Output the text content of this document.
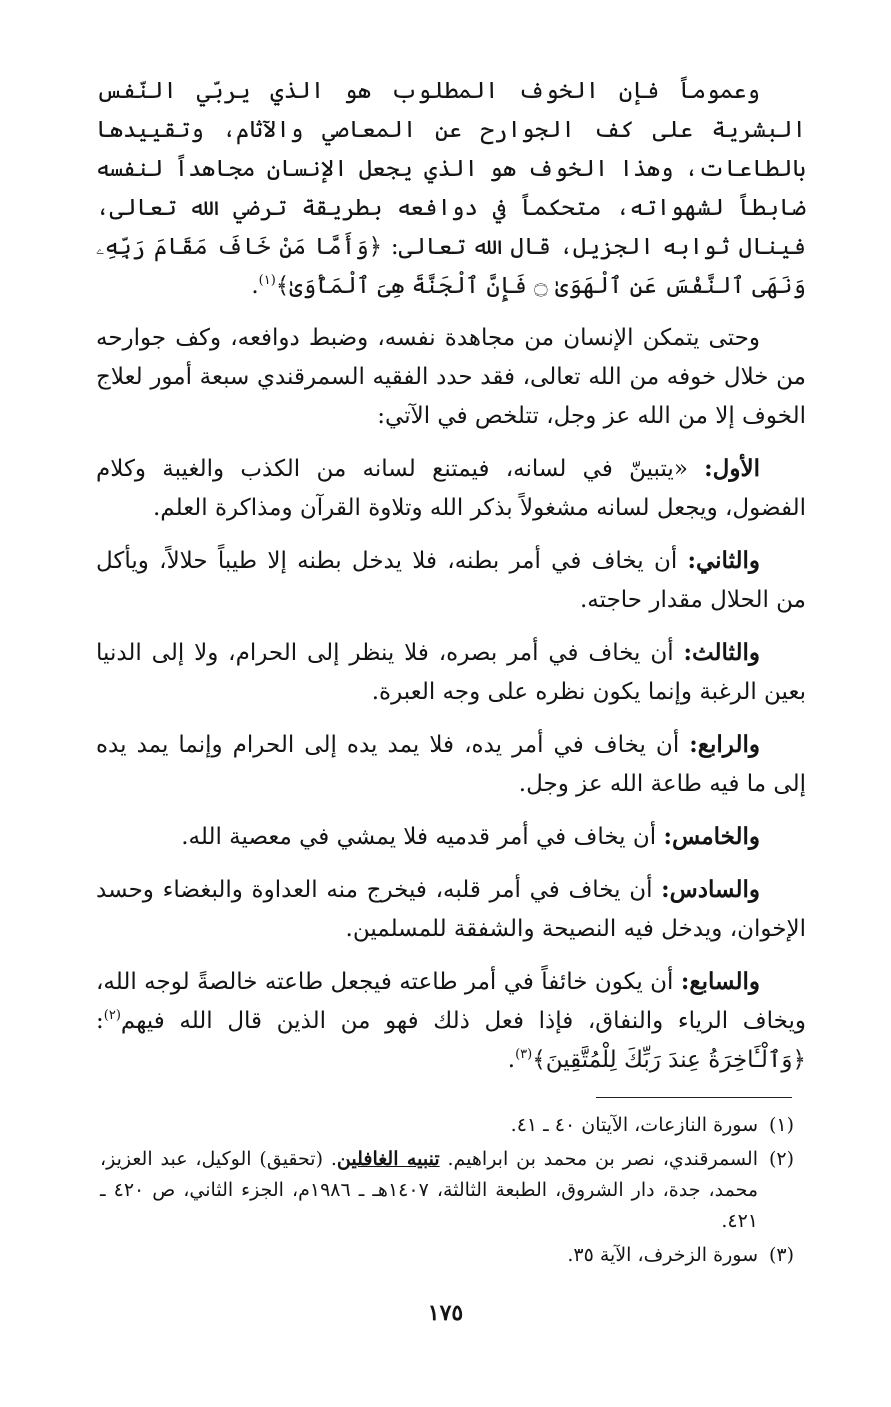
وعموماً فإن الخوف المطلوب هو الذي يربّي النّفس البشرية على كف الجوارح عن المعاصي والآثام، وتقييدها بالطاعات، وهذا الخوف هو الذي يجعل الإنسان مجاهداً لنفسه ضابطاً لشهواته، متحكماً في دوافعه بطريقة ترضي الله تعالى، فينال ثوابه الجزيل، قال الله تعالى: ﴿وَأَمَّا مَنْ خَافَ مَقَامَ رَبِّهِۦ وَنَهَى ٱلنَّفْسَ عَنِ ٱلْهَوَىٰ ۝ فَإِنَّ ٱلْجَنَّةَ هِىَ ٱلْمَأْوَىٰ﴾$^{(١)}$.

وحتى يتمكن الإنسان من مجاهدة نفسه، وضبط دوافعه، وكف جوارحه من خلال خوفه من الله تعالى، فقد حدد الفقيه السمرقندي سبعة أمور لعلاج الخوف إلا من الله عز وجل، تتلخص في الآتي:

الأول: «يتبينّ في لسانه، فيمتنع لسانه من الكذب والغيبة وكلام الفضول، ويجعل لسانه مشغولاً بذكر الله وتلاوة القرآن ومذاكرة العلم.

والثاني: أن يخاف في أمر بطنه، فلا يدخل بطنه إلا طيباً حلالاً، ويأكل من الحلال مقدار حاجته.

والثالث: أن يخاف في أمر بصره، فلا ينظر إلى الحرام، ولا إلى الدنيا بعين الرغبة وإنما يكون نظره على وجه العبرة.

والرابع: أن يخاف في أمر يده، فلا يمد يده إلى الحرام وإنما يمد يده إلى ما فيه طاعة الله عز وجل.

والخامس: أن يخاف في أمر قدميه فلا يمشي في معصية الله.

والسادس: أن يخاف في أمر قلبه، فيخرج منه العداوة والبغضاء وحسد الإخوان، ويدخل فيه النصيحة والشفقة للمسلمين.

والسابع: أن يكون خائفاً في أمر طاعته فيجعل طاعته خالصةً لوجه الله، ويخاف الرياء والنفاق، فإذا فعل ذلك فهو من الذين قال الله فيهم$^{(٢)}$: ﴿وَٱلْـَٔاخِرَةُ عِندَ رَبِّكَ لِلْمُتَّقِينَ﴾$^{(٣)}$.

(١)
سورة النازعات، الآيتان ٤٠ ـ ٤١.
(٢)
السمرقندي، نصر بن محمد بن ابراهيم. تنبيه الغافلين. (تحقيق) الوكيل، عبد العزيز، محمد، جدة، دار الشروق، الطبعة الثالثة، ١٤٠٧هـ ـ ١٩٨٦م، الجزء الثاني، ص ٤٢٠ ـ ٤٢١.
(٣)
سورة الزخرف، الآية ٣٥.
١٧٥
